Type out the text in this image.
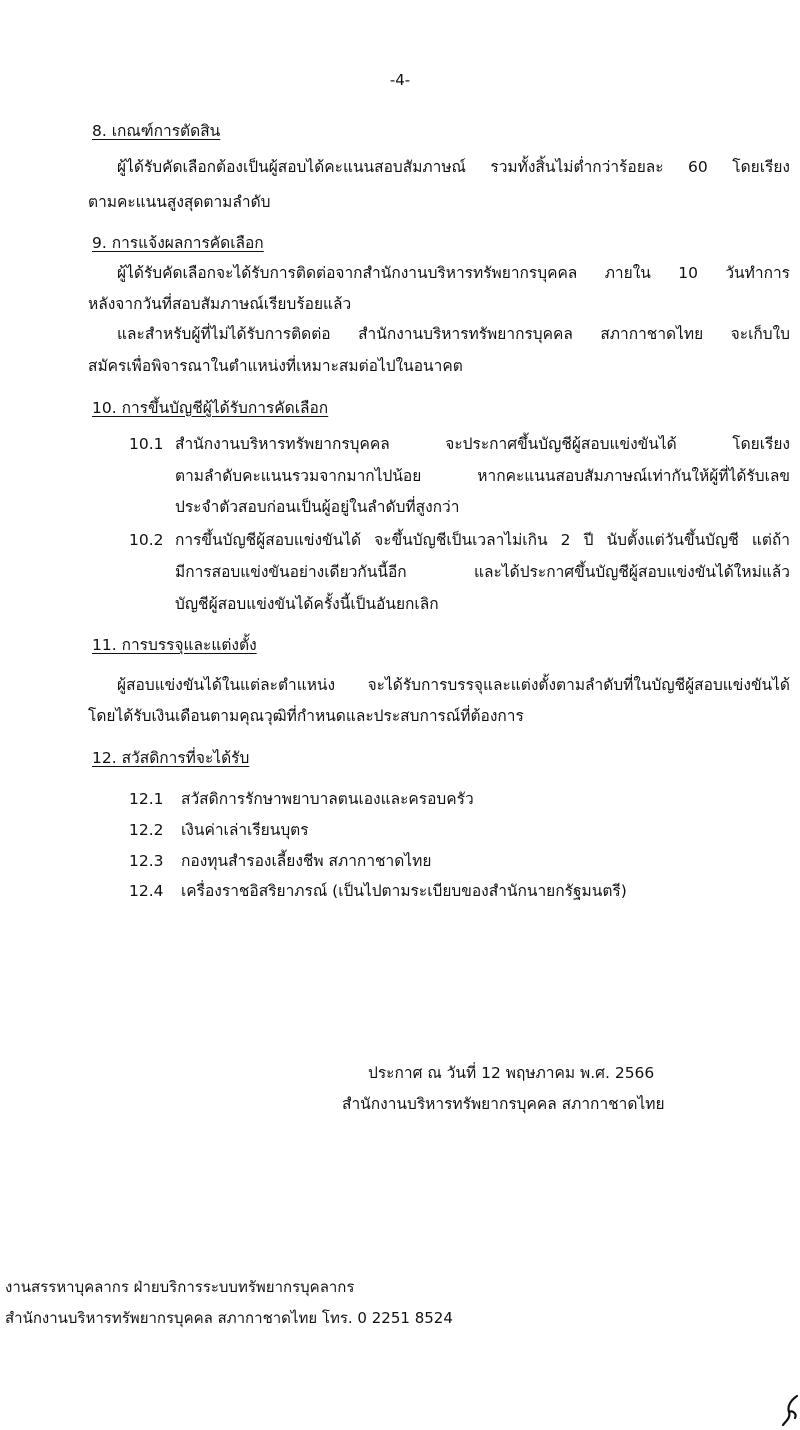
-4-
8. เกณฑ์การตัดสิน
ผู้ได้รับคัดเลือกต้องเป็นผู้สอบได้คะแนนสอบสัมภาษณ์ รวมทั้งสิ้นไม่ต่ำกว่าร้อยละ 60 โดยเรียง
ตามคะแนนสูงสุดตามลำดับ
9. การแจ้งผลการคัดเลือก
ผู้ได้รับคัดเลือกจะได้รับการติดต่อจากสำนักงานบริหารทรัพยากรบุคคล ภายใน 10 วันทำการ
หลังจากวันที่สอบสัมภาษณ์เรียบร้อยแล้ว
และสำหรับผู้ที่ไม่ได้รับการติดต่อ สำนักงานบริหารทรัพยากรบุคคล สภากาชาดไทย จะเก็บใบ
สมัครเพื่อพิจารณาในตำแหน่งที่เหมาะสมต่อไปในอนาคต
10. การขึ้นบัญชีผู้ได้รับการคัดเลือก
10.1 สำนักงานบริหารทรัพยากรบุคคล จะประกาศขึ้นบัญชีผู้สอบแข่งขันได้ โดยเรียง
ตามลำดับคะแนนรวมจากมากไปน้อย หากคะแนนสอบสัมภาษณ์เท่ากันให้ผู้ที่ได้รับเลข
ประจำตัวสอบก่อนเป็นผู้อยู่ในลำดับที่สูงกว่า
10.2 การขึ้นบัญชีผู้สอบแข่งขันได้ จะขึ้นบัญชีเป็นเวลาไม่เกิน 2 ปี นับตั้งแต่วันขึ้นบัญชี แต่ถ้า
มีการสอบแข่งขันอย่างเดียวกันนี้อีก และได้ประกาศขึ้นบัญชีผู้สอบแข่งขันได้ใหม่แล้ว
บัญชีผู้สอบแข่งขันได้ครั้งนี้เป็นอันยกเลิก
11. การบรรจุและแต่งตั้ง
ผู้สอบแข่งขันได้ในแต่ละตำแหน่ง จะได้รับการบรรจุและแต่งตั้งตามลำดับที่ในบัญชีผู้สอบแข่งขันได้
โดยได้รับเงินเดือนตามคุณวุฒิที่กำหนดและประสบการณ์ที่ต้องการ
12. สวัสดิการที่จะได้รับ
12.1 สวัสดิการรักษาพยาบาลตนเองและครอบครัว
12.2 เงินค่าเล่าเรียนบุตร
12.3 กองทุนสำรองเลี้ยงชีพ สภากาชาดไทย
12.4 เครื่องราชอิสริยาภรณ์ (เป็นไปตามระเบียบของสำนักนายกรัฐมนตรี)
ประกาศ ณ วันที่ 12 พฤษภาคม พ.ศ. 2566
สำนักงานบริหารทรัพยากรบุคคล สภากาชาดไทย
งานสรรหาบุคลากร ฝ่ายบริการระบบทรัพยากรบุคลากร
สำนักงานบริหารทรัพยากรบุคคล สภากาชาดไทย โทร. 0 2251 8524
